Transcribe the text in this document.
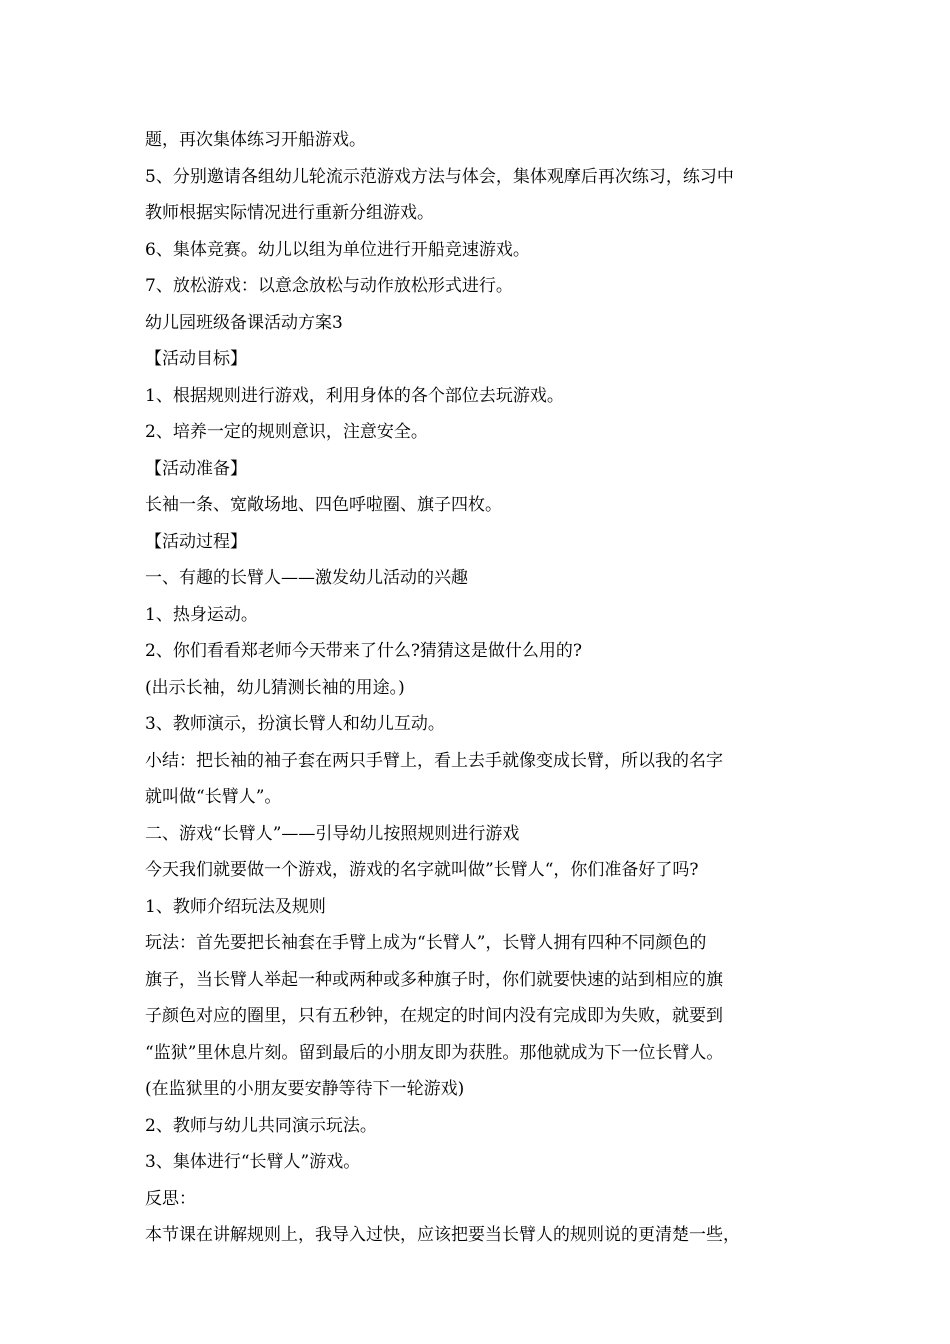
题，再次集体练习开船游戏。
5、分别邀请各组幼儿轮流示范游戏方法与体会，集体观摩后再次练习，练习中
教师根据实际情况进行重新分组游戏。
6、集体竞赛。幼儿以组为单位进行开船竞速游戏。
7、放松游戏：以意念放松与动作放松形式进行。
幼儿园班级备课活动方案3
【活动目标】
1、根据规则进行游戏，利用身体的各个部位去玩游戏。
2、培养一定的规则意识，注意安全。
【活动准备】
长袖一条、宽敞场地、四色呼啦圈、旗子四枚。
【活动过程】
一、有趣的长臂人——激发幼儿活动的兴趣
1、热身运动。
2、你们看看郑老师今天带来了什么?猜猜这是做什么用的?
(出示长袖，幼儿猜测长袖的用途。)
3、教师演示，扮演长臂人和幼儿互动。
小结：把长袖的袖子套在两只手臂上，看上去手就像变成长臂，所以我的名字
就叫做“长臂人”。
二、游戏“长臂人”——引导幼儿按照规则进行游戏
今天我们就要做一个游戏，游戏的名字就叫做”长臂人“，你们准备好了吗?
1、教师介绍玩法及规则
玩法：首先要把长袖套在手臂上成为“长臂人”，长臂人拥有四种不同颜色的
旗子，当长臂人举起一种或两种或多种旗子时，你们就要快速的站到相应的旗
子颜色对应的圈里，只有五秒钟，在规定的时间内没有完成即为失败，就要到
“监狱”里休息片刻。留到最后的小朋友即为获胜。那他就成为下一位长臂人。
(在监狱里的小朋友要安静等待下一轮游戏)
2、教师与幼儿共同演示玩法。
3、集体进行“长臂人”游戏。
反思：
本节课在讲解规则上，我导入过快，应该把要当长臂人的规则说的更清楚一些，
